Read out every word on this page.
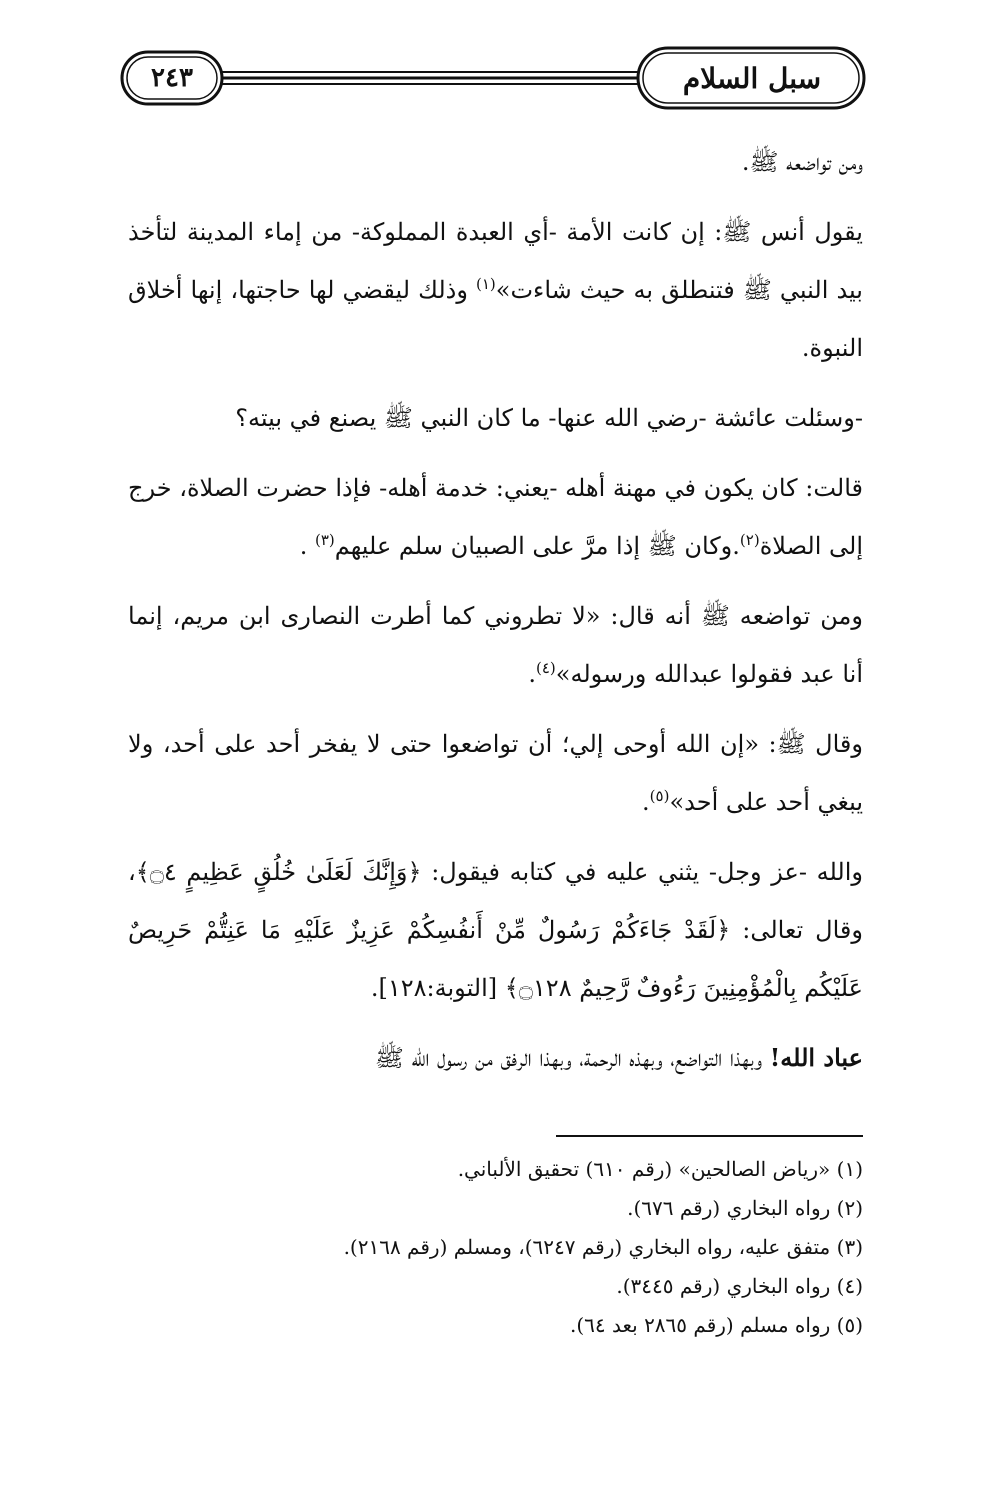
٢٤٣	سبل السلام

ومن تواضعه ﷺ.

يقول أنس ﷺ: إن كانت الأمة -أي العبدة المملوكة- من إماء المدينة لتأخذ بيد النبي ﷺ فتنطلق به حيث شاءت»$^{(١)}$ وذلك ليقضي لها حاجتها، إنها أخلاق النبوة.

-وسئلت عائشة -رضي الله عنها- ما كان النبي ﷺ يصنع في بيته؟

قالت: كان يكون في مهنة أهله -يعني: خدمة أهله- فإذا حضرت الصلاة، خرج إلى الصلاة$^{(٢)}$.وكان ﷺ إذا مرَّ على الصبيان سلم عليهم$^{(٣)}$ .

ومن تواضعه ﷺ أنه قال: «لا تطروني كما أطرت النصارى ابن مريم، إنما أنا عبد فقولوا عبدالله ورسوله»$^{(٤)}$.

وقال ﷺ: «إن الله أوحى إلي؛ أن تواضعوا حتى لا يفخر أحد على أحد، ولا يبغي أحد على أحد»$^{(٥)}$.

والله -عز وجل- يثني عليه في كتابه فيقول: ﴿وَإِنَّكَ لَعَلَىٰ خُلُقٍ عَظِيمٍ ۝٤﴾، وقال تعالى: ﴿لَقَدْ جَاءَكُمْ رَسُولٌ مِّنْ أَنفُسِكُمْ عَزِيزٌ عَلَيْهِ مَا عَنِتُّمْ حَرِيصٌ عَلَيْكُم بِالْمُؤْمِنِينَ رَءُوفٌ رَّحِيمٌ ۝١٢٨﴾ [التوبة:١٢٨].

عباد الله! وبهذا التواضع، وبهذه الرحمة، وبهذا الرفق من رسول الله ﷺ

(١) «رياض الصالحين» (رقم ٦١٠) تحقيق الألباني.

(٢) رواه البخاري (رقم ٦٧٦).

(٣) متفق عليه، رواه البخاري (رقم ٦٢٤٧)، ومسلم (رقم ٢١٦٨).

(٤) رواه البخاري (رقم ٣٤٤٥).

(٥) رواه مسلم (رقم ٢٨٦٥ بعد ٦٤).
